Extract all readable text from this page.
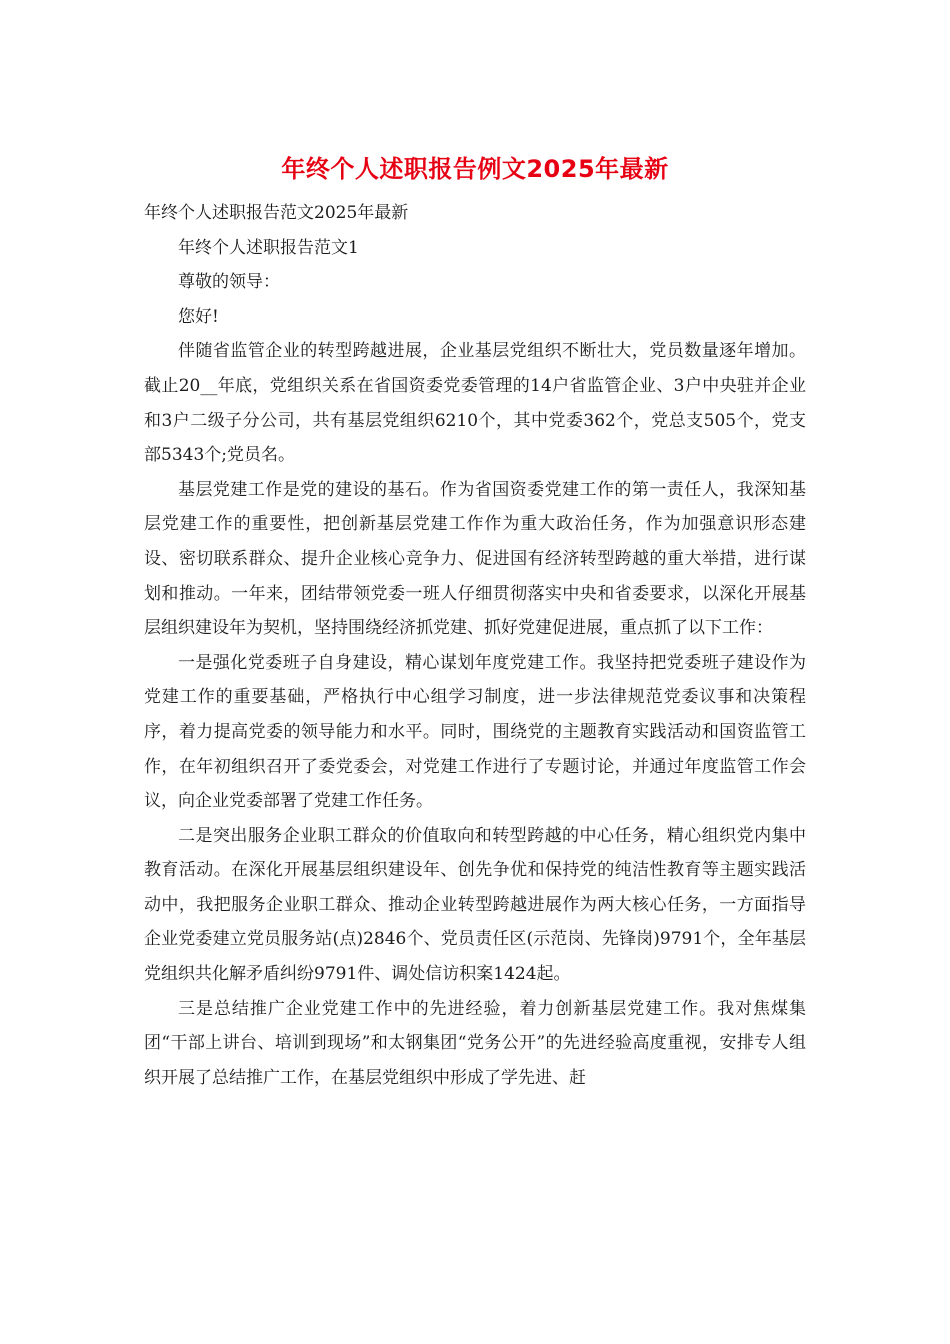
年终个人述职报告例文2025年最新

年终个人述职报告范文2025年最新

年终个人述职报告范文1

尊敬的领导：

您好!

伴随省监管企业的转型跨越进展，企业基层党组织不断壮大，党员数量逐年增加。截止20__年底，党组织关系在省国资委党委管理的14户省监管企业、3户中央驻并企业和3户二级子分公司，共有基层党组织6210个，其中党委362个，党总支505个，党支部5343个;党员名。

基层党建工作是党的建设的基石。作为省国资委党建工作的第一责任人，我深知基层党建工作的重要性，把创新基层党建工作作为重大政治任务，作为加强意识形态建设、密切联系群众、提升企业核心竞争力、促进国有经济转型跨越的重大举措，进行谋划和推动。一年来，团结带领党委一班人仔细贯彻落实中央和省委要求，以深化开展基层组织建设年为契机，坚持围绕经济抓党建、抓好党建促进展，重点抓了以下工作：

一是强化党委班子自身建设，精心谋划年度党建工作。我坚持把党委班子建设作为党建工作的重要基础，严格执行中心组学习制度，进一步法律规范党委议事和决策程序，着力提高党委的领导能力和水平。同时，围绕党的主题教育实践活动和国资监管工作，在年初组织召开了委党委会，对党建工作进行了专题讨论，并通过年度监管工作会议，向企业党委部署了党建工作任务。

二是突出服务企业职工群众的价值取向和转型跨越的中心任务，精心组织党内集中教育活动。在深化开展基层组织建设年、创先争优和保持党的纯洁性教育等主题实践活动中，我把服务企业职工群众、推动企业转型跨越进展作为两大核心任务，一方面指导企业党委建立党员服务站(点)2846个、党员责任区(示范岗、先锋岗)9791个，全年基层党组织共化解矛盾纠纷9791件、调处信访积案1424起。

三是总结推广企业党建工作中的先进经验，着力创新基层党建工作。我对焦煤集团“干部上讲台、培训到现场”和太钢集团“党务公开”的先进经验高度重视，安排专人组织开展了总结推广工作，在基层党组织中形成了学先进、赶
